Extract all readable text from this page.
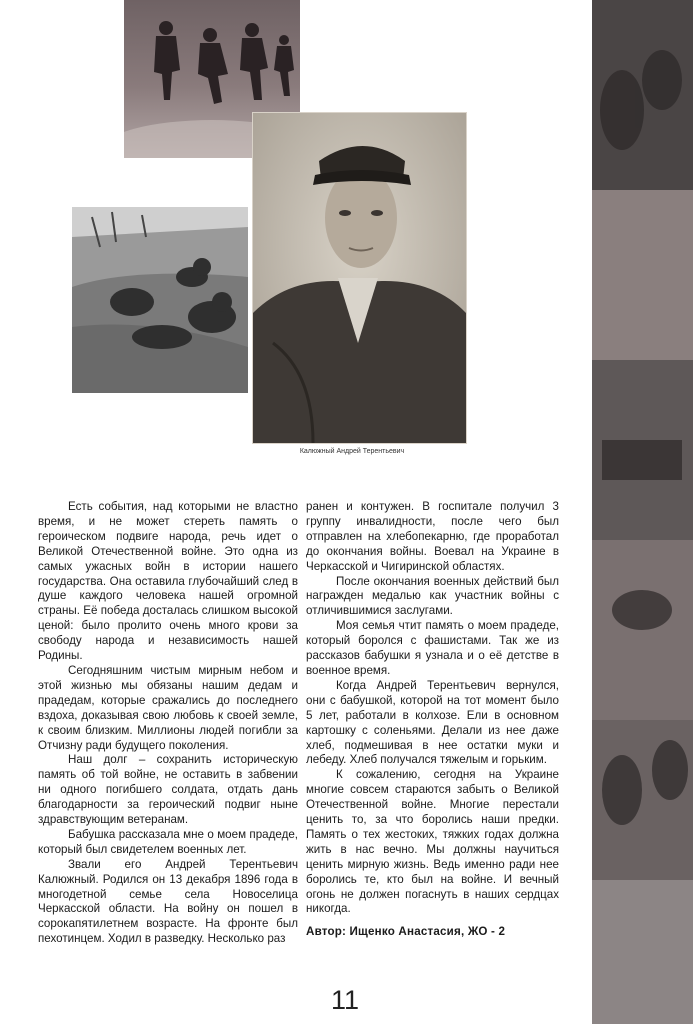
Калюжный Андрей Терентьевич

Есть события, над которыми не властно время, и не может стереть память о героическом подвиге народа, речь идет о Великой Отечественной войне. Это одна из самых ужасных войн в истории нашего государства. Она оставила глубочайший след в душе каждого человека нашей огромной страны. Её победа досталась слишком высокой ценой: было пролито очень много крови за свободу народа и независимость нашей Родины.

Сегодняшним чистым мирным небом и этой жизнью мы обязаны нашим дедам и прадедам, которые сражались до последнего вздоха, доказывая свою любовь к своей земле, к своим близким. Миллионы людей погибли за Отчизну ради будущего поколения.

Наш долг – сохранить историческую память об той войне, не оставить в забвении ни одного погибшего солдата, отдать дань благодарности за героический подвиг ныне здравствующим ветеранам.

Бабушка рассказала мне о моем прадеде, который был свидетелем военных лет.

Звали его Андрей Терентьевич Калюжный. Родился он 13 декабря 1896 года в многодетной семье села Новоселица Черкасской области. На войну он пошел в сорокапятилетнем возрасте. На фронте был пехотинцем. Ходил в разведку. Несколько раз

ранен и контужен. В госпитале получил 3 группу инвалидности, после чего был отправлен на хлебопекарню, где проработал до окончания войны. Воевал на Украине в Черкасской и Чигиринской областях.

После окончания военных действий был награжден медалью как участник войны с отличившимися заслугами.

Моя семья чтит память о моем прадеде, который боролся с фашистами. Так же из рассказов бабушки я узнала и о её детстве в военное время.

Когда Андрей Терентьевич вернулся, они с бабушкой, которой на тот момент было 5 лет, работали в колхозе. Ели в основном картошку с соленьями. Делали из нее даже хлеб, подмешивая в нее остатки муки и лебеду. Хлеб получался тяжелым и горьким.

К сожалению, сегодня на Украине многие совсем стараются забыть о Великой Отечественной войне. Многие перестали ценить то, за что боролись наши предки. Память о тех жестоких, тяжких годах должна жить в нас вечно. Мы должны научиться ценить мирную жизнь. Ведь именно ради нее боролись те, кто был на войне. И вечный огонь не должен погаснуть в наших сердцах никогда.

Автор: Ищенко Анастасия, ЖО - 2

11
